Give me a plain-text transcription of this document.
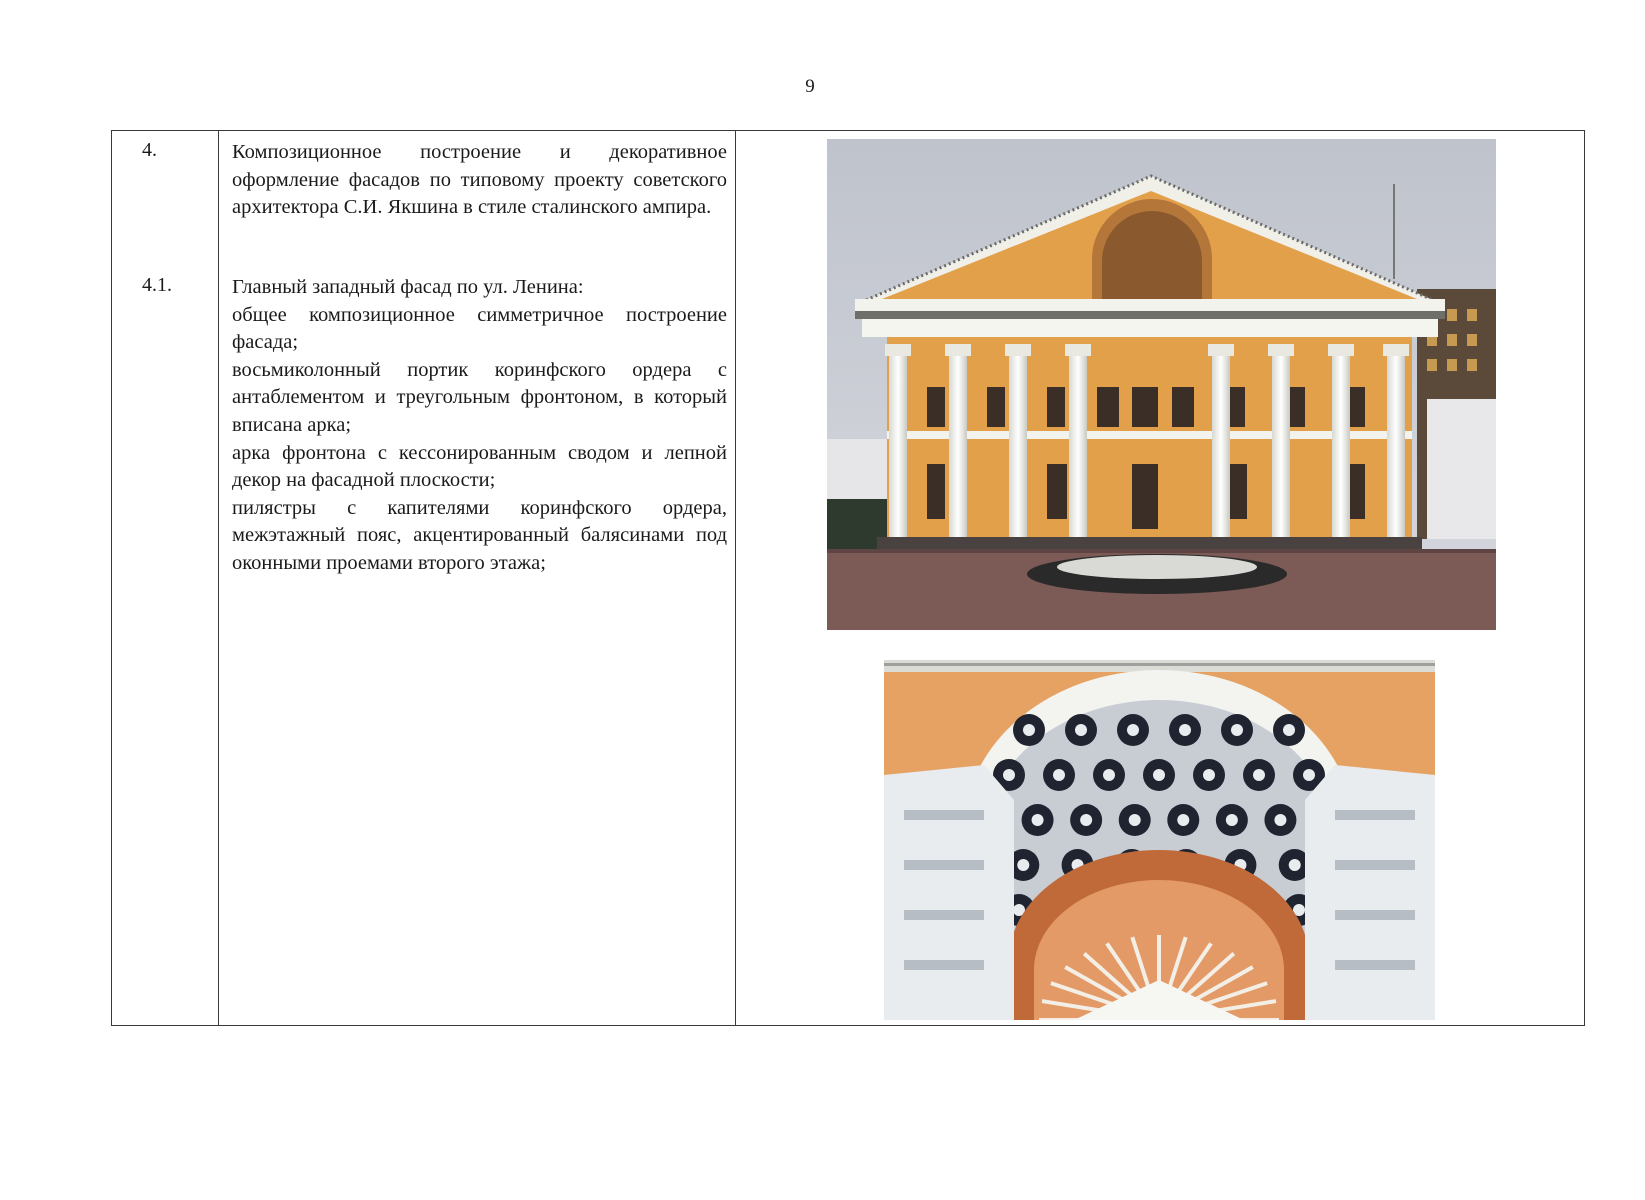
9
4.	Композиционное построение и декоративное оформление фасадов по типовому проекту советского архитектора С.И. Якшина в стиле сталинского ампира.

4.1.	Главный западный фасад по ул. Ленина:

общее композиционное симметричное построение фасада;

восьмиколонный портик коринфского ордера с антаблементом и треугольным фронтоном, в который вписана арка;

арка фронтона с кессонированным сводом и лепной декор на фасадной плоскости;

пилястры с капителями коринфского ордера, межэтажный пояс, акцентированный балясинами под оконными проемами второго этажа;
